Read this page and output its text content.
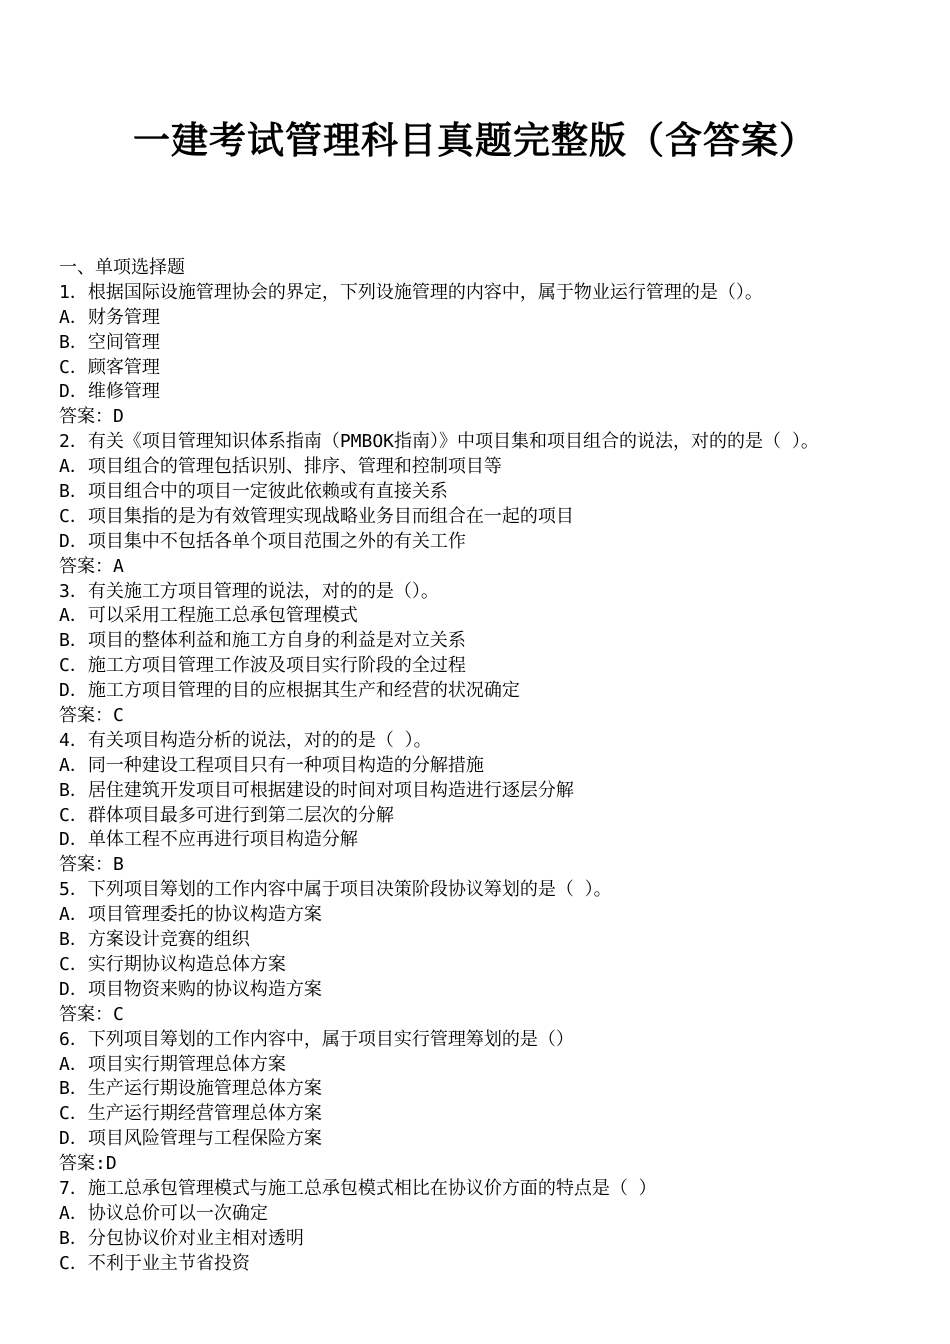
一建考试管理科目真题完整版（含答案）
一、单项选择题
1．根据国际设施管理协会的界定，下列设施管理的内容中，属于物业运行管理的是（）。
A．财务管理
B．空间管理
C．顾客管理
D．维修管理
答案：D
2．有关《项目管理知识体系指南（PMBOK指南）》中项目集和项目组合的说法，对的的是（ ）。
A．项目组合的管理包括识别、排序、管理和控制项目等
B．项目组合中的项目一定彼此依赖或有直接关系
C．项目集指的是为有效管理实现战略业务目而组合在一起的项目
D．项目集中不包括各单个项目范围之外的有关工作
答案：A
3．有关施工方项目管理的说法，对的的是（）。
A．可以采用工程施工总承包管理模式
B．项目的整体利益和施工方自身的利益是对立关系
C．施工方项目管理工作波及项目实行阶段的全过程
D．施工方项目管理的目的应根据其生产和经营的状况确定
答案：C
4．有关项目构造分析的说法，对的的是（ ）。
A．同一种建设工程项目只有一种项目构造的分解措施
B．居住建筑开发项目可根据建设的时间对项目构造进行逐层分解
C．群体项目最多可进行到第二层次的分解
D．单体工程不应再进行项目构造分解
答案：B
5．下列项目筹划的工作内容中属于项目决策阶段协议筹划的是（ ）。
A．项目管理委托的协议构造方案
B．方案设计竞赛的组织
C．实行期协议构造总体方案
D．项目物资来购的协议构造方案
答案：C
6．下列项目筹划的工作内容中，属于项目实行管理筹划的是（）
A．项目实行期管理总体方案
B．生产运行期设施管理总体方案
C．生产运行期经营管理总体方案
D．项目风险管理与工程保险方案
答案:D
7．施工总承包管理模式与施工总承包模式相比在协议价方面的特点是（ ）
A．协议总价可以一次确定
B．分包协议价对业主相对透明
C．不利于业主节省投资
